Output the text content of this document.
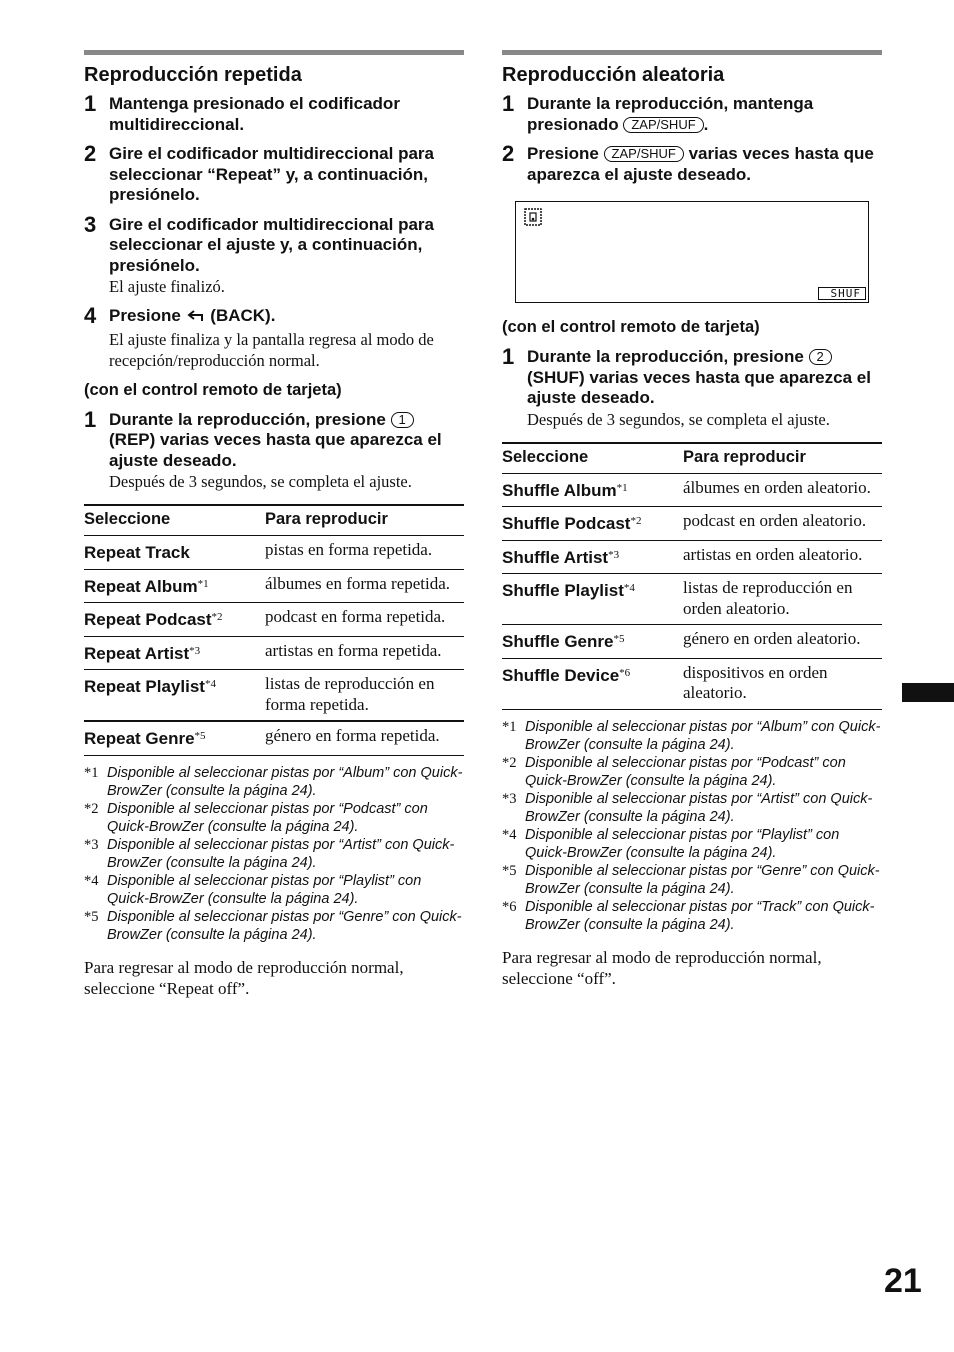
Reproducción repetida
1 Mantenga presionado el codificador multidireccional.
2 Gire el codificador multidireccional para seleccionar “Repeat” y, a continuación, presiónelo.
3 Gire el codificador multidireccional para seleccionar el ajuste y, a continuación, presiónelo.
El ajuste finalizó.
4 Presione (BACK).
El ajuste finaliza y la pantalla regresa al modo de recepción/reproducción normal.
(con el control remoto de tarjeta)
1 Durante la reproducción, presione 1 (REP) varias veces hasta que aparezca el ajuste deseado.
Después de 3 segundos, se completa el ajuste.
Seleccione	Para reproducir
Repeat Track	pistas en forma repetida.
Repeat Album$^{*1}$	álbumes en forma repetida.
Repeat Podcast$^{*2}$	podcast en forma repetida.
Repeat Artist$^{*3}$	artistas en forma repetida.
Repeat Playlist$^{*4}$	listas de reproducción en forma repetida.
Repeat Genre$^{*5}$	género en forma repetida.
*1 Disponible al seleccionar pistas por “Album” con Quick-BrowZer (consulte la página 24).
*2 Disponible al seleccionar pistas por “Podcast” con Quick-BrowZer (consulte la página 24).
*3 Disponible al seleccionar pistas por “Artist” con Quick-BrowZer (consulte la página 24).
*4 Disponible al seleccionar pistas por “Playlist” con Quick-BrowZer (consulte la página 24).
*5 Disponible al seleccionar pistas por “Genre” con Quick-BrowZer (consulte la página 24).
Para regresar al modo de reproducción normal, seleccione “Repeat off”.
Reproducción aleatoria
1 Durante la reproducción, mantenga presionado ZAP/SHUF .
2 Presione ZAP/SHUF varias veces hasta que aparezca el ajuste deseado.
SHUF
(con el control remoto de tarjeta)
1 Durante la reproducción, presione 2 (SHUF) varias veces hasta que aparezca el ajuste deseado.
Después de 3 segundos, se completa el ajuste.
Seleccione	Para reproducir
Shuffle Album$^{*1}$	álbumes en orden aleatorio.
Shuffle Podcast$^{*2}$	podcast en orden aleatorio.
Shuffle Artist$^{*3}$	artistas en orden aleatorio.
Shuffle Playlist$^{*4}$	listas de reproducción en orden aleatorio.
Shuffle Genre$^{*5}$	género en orden aleatorio.
Shuffle Device$^{*6}$	dispositivos en orden aleatorio.
*1 Disponible al seleccionar pistas por “Album” con Quick-BrowZer (consulte la página 24).
*2 Disponible al seleccionar pistas por “Podcast” con Quick-BrowZer (consulte la página 24).
*3 Disponible al seleccionar pistas por “Artist” con Quick-BrowZer (consulte la página 24).
*4 Disponible al seleccionar pistas por “Playlist” con Quick-BrowZer (consulte la página 24).
*5 Disponible al seleccionar pistas por “Genre” con Quick-BrowZer (consulte la página 24).
*6 Disponible al seleccionar pistas por “Track” con Quick-BrowZer (consulte la página 24).
Para regresar al modo de reproducción normal, seleccione “off”.
21
